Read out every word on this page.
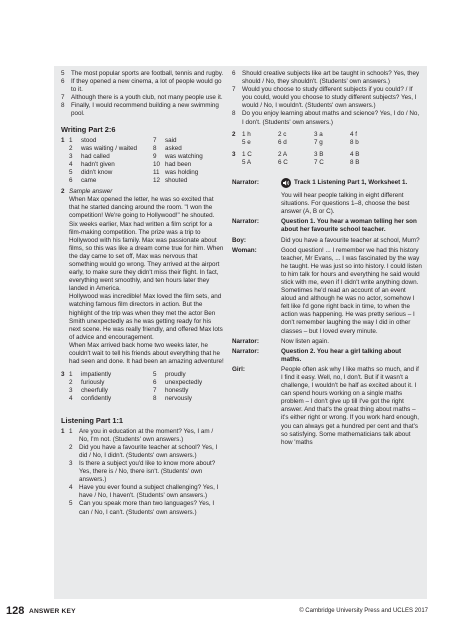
5	The most popular sports are football, tennis and rugby.
6	If they opened a new cinema, a lot of people would go to it.
7	Although there is a youth club, not many people use it.
8	Finally, I would recommend building a new swimming pool.
Writing Part 2:6
1 1	stood	7	said
2	was waiting / waited	8	asked
3	had called	9	was watching
4	hadn't given	10 had been
5	didn't know	11 was holding
6	came	12 shouted
2 Sample answer
When Max opened the letter, he was so excited that that he started dancing around the room. "I won the competition! We're going to Hollywood!" he shouted. Six weeks earlier, Max had written a film script for a film-making competition. The prize was a trip to Hollywood with his family. Max was passionate about films, so this was like a dream come true for him. When the day came to set off, Max was nervous that something would go wrong. They arrived at the airport early, to make sure they didn't miss their flight. In fact, everything went smoothly, and ten hours later they landed in America.
Hollywood was incredible! Max loved the film sets, and watching famous film directors in action. But the highlight of the trip was when they met the actor Ben Smith unexpectedly as he was getting ready for his next scene. He was really friendly, and offered Max lots of advice and encouragement.
When Max arrived back home two weeks later, he couldn't wait to tell his friends about everything that he had seen and done. It had been an amazing adventure!
3 1	impatiently	5	proudly
2	furiously	6	unexpectedly
3	cheerfully	7	honestly
4	confidently	8	nervously
Listening Part 1:1
1 1	Are you in education at the moment? Yes, I am / No, I'm not. (Students' own answers.)
2	Did you have a favourite teacher at school? Yes, I did / No, I didn't. (Students' own answers.)
3	Is there a subject you'd like to know more about? Yes, there is / No, there isn't. (Students' own answers.)
4	Have you ever found a subject challenging? Yes, I have / No, I haven't. (Students' own answers.)
5	Can you speak more than two languages? Yes, I can / No, I can't. (Students' own answers.)
6	Should creative subjects like art be taught in schools? Yes, they should / No, they shouldn't. (Students' own answers.)
7	Would you choose to study different subjects if you could? / If you could, would you choose to study different subjects? Yes, I would / No, I wouldn't. (Students' own answers.)
8	Do you enjoy learning about maths and science? Yes, I do / No, I don't. (Students' own answers.)
2	1 h	2 c	3 a	4 f
5 e	6 d	7 g	8 b
3	1 C	2 A	3 B	4 B
5 A	6 C	7 C	8 B
Narrator:	Track 1 Listening Part 1, Worksheet 1.
You will hear people talking in eight different situations. For questions 1–8, choose the best answer (A, B or C).
Narrator:	Question 1. You hear a woman telling her son about her favourite school teacher.
Boy:	Did you have a favourite teacher at school, Mum?
Woman:	Good question! ... I remember we had this history teacher, Mr Evans, ... I was fascinated by the way he taught. He was just so into history. I could listen to him talk for hours and everything he said would stick with me, even if I didn't write anything down. Sometimes he'd read an account of an event aloud and although he was no actor, somehow I felt like I'd gone right back in time, to when the action was happening. He was pretty serious – I don't remember laughing the way I did in other classes – but I loved every minute.
Narrator:	Now listen again.
Narrator:	Question 2. You hear a girl talking about maths.
Girl:	People often ask why I like maths so much, and if I find it easy. Well, no, I don't. But if it wasn't a challenge, I wouldn't be half as excited about it. I can spend hours working on a single maths problem – I don't give up till I've got the right answer. And that's the great thing about maths – it's either right or wrong. If you work hard enough, you can always get a hundred per cent and that's so satisfying. Some mathematicians talk about how 'maths
128 ANSWER KEY	© Cambridge University Press and UCLES 2017
